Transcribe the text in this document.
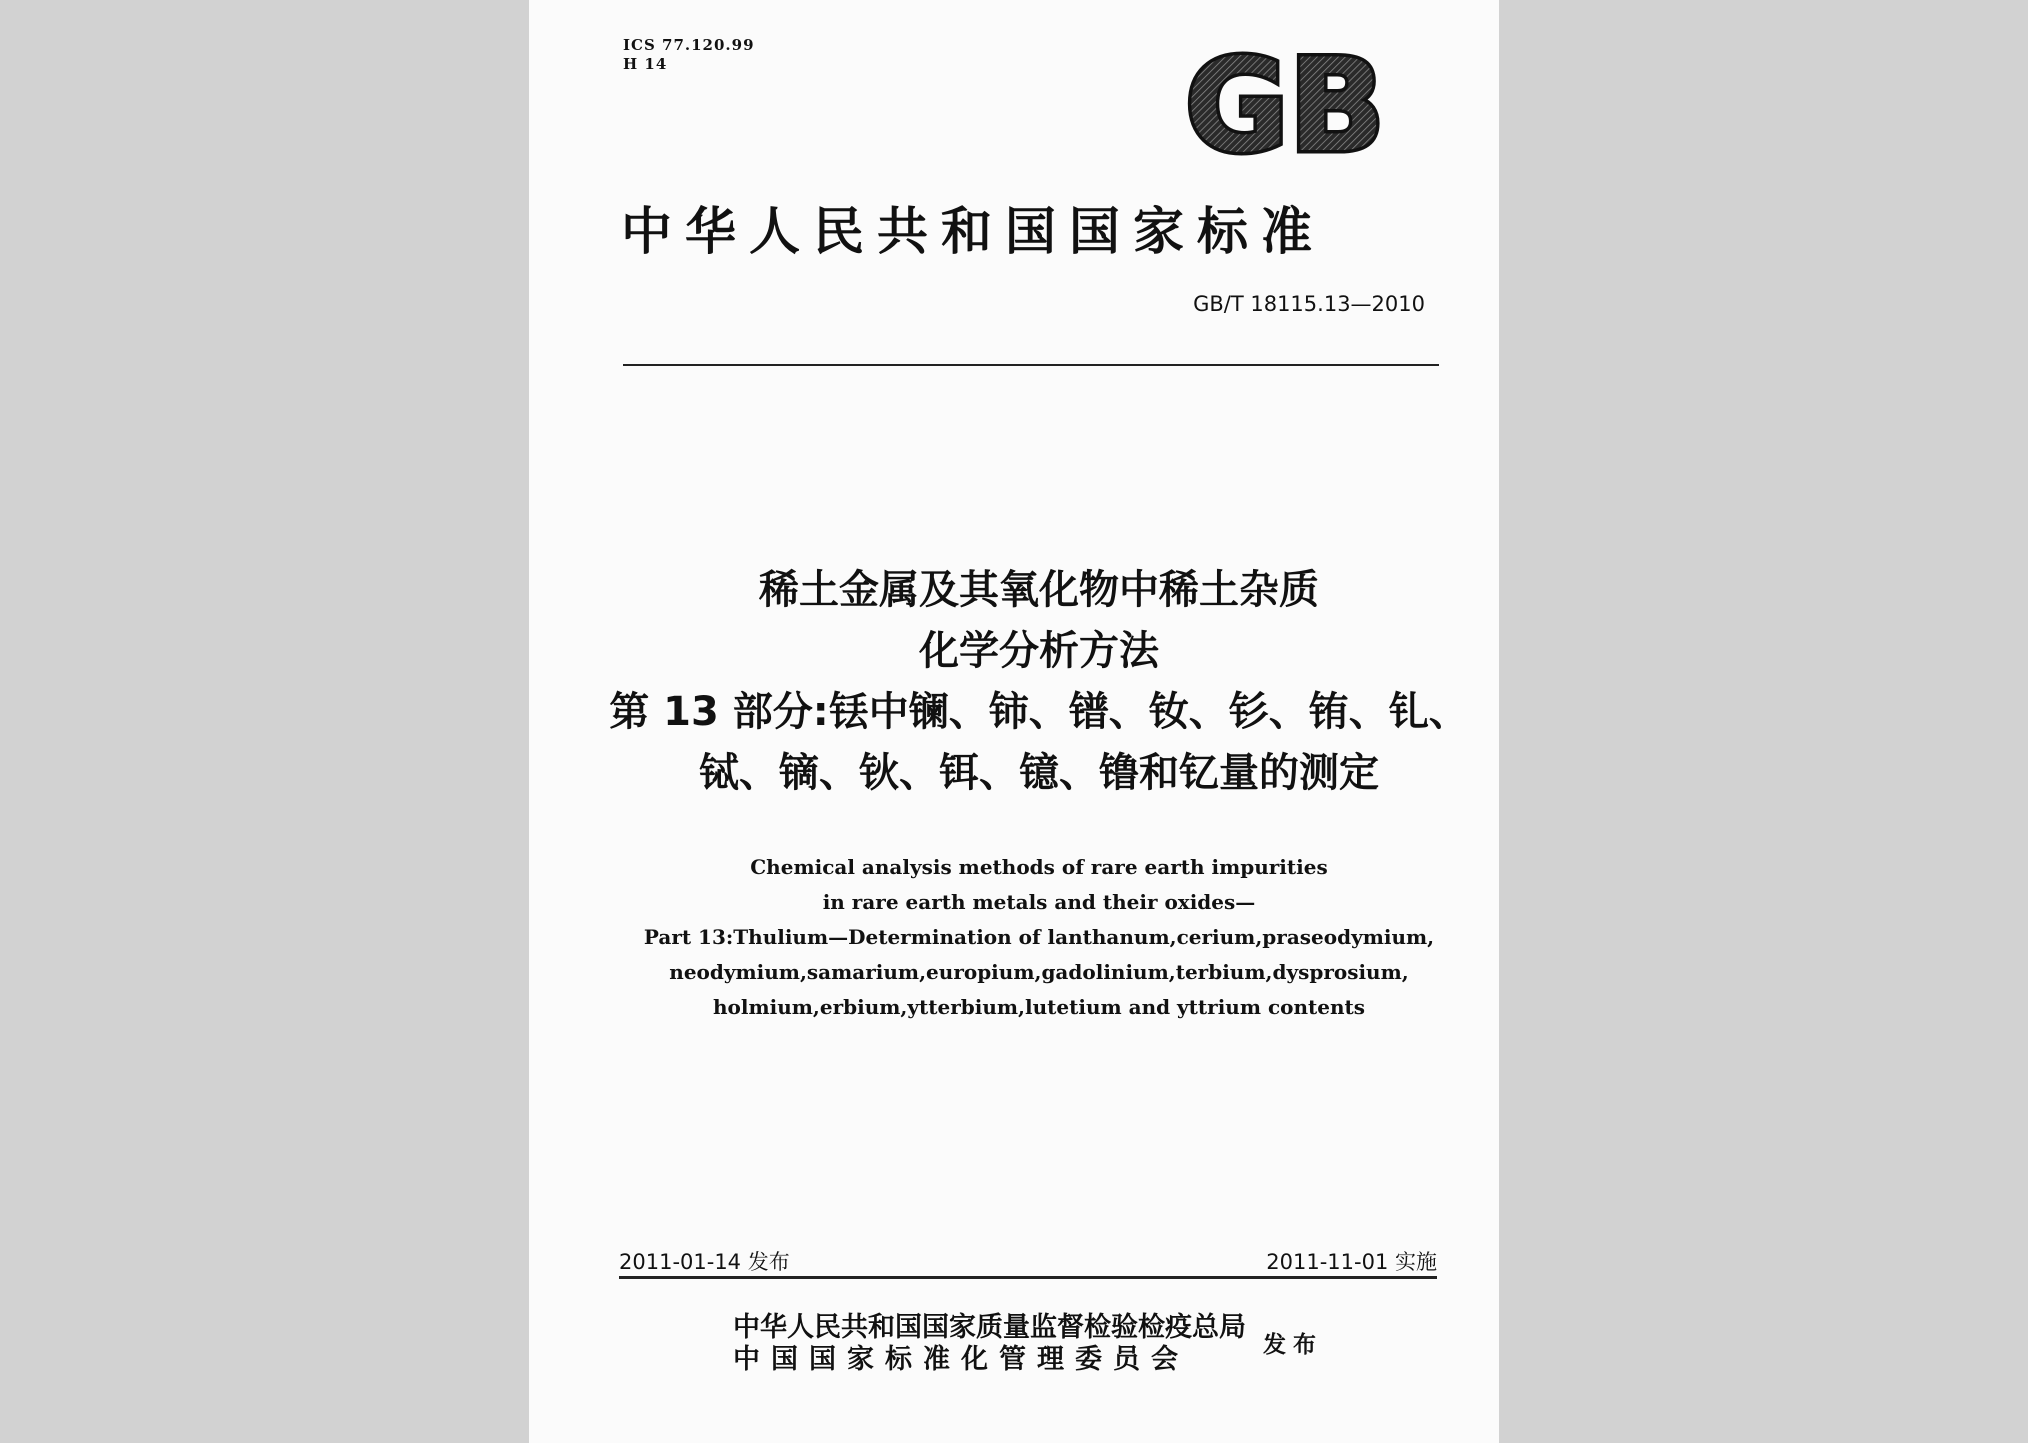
ICS 77.120.99
H 14	GB
中华人民共和国国家标准
GB/T 18115.13—2010
稀土金属及其氧化物中稀土杂质
化学分析方法
第 13 部分:铥中镧、铈、镨、钕、钐、铕、钆、
铽、镝、钬、铒、镱、镥和钇量的测定
Chemical analysis methods of rare earth impurities
in rare earth metals and their oxides—
Part 13:Thulium—Determination of lanthanum,cerium,praseodymium,
neodymium,samarium,europium,gadolinium,terbium,dysprosium,
holmium,erbium,ytterbium,lutetium and yttrium contents
2011-01-14 发布	2011-11-01 实施
中华人民共和国国家质量监督检验检疫总局
中国国家标准化管理委员会	发布
